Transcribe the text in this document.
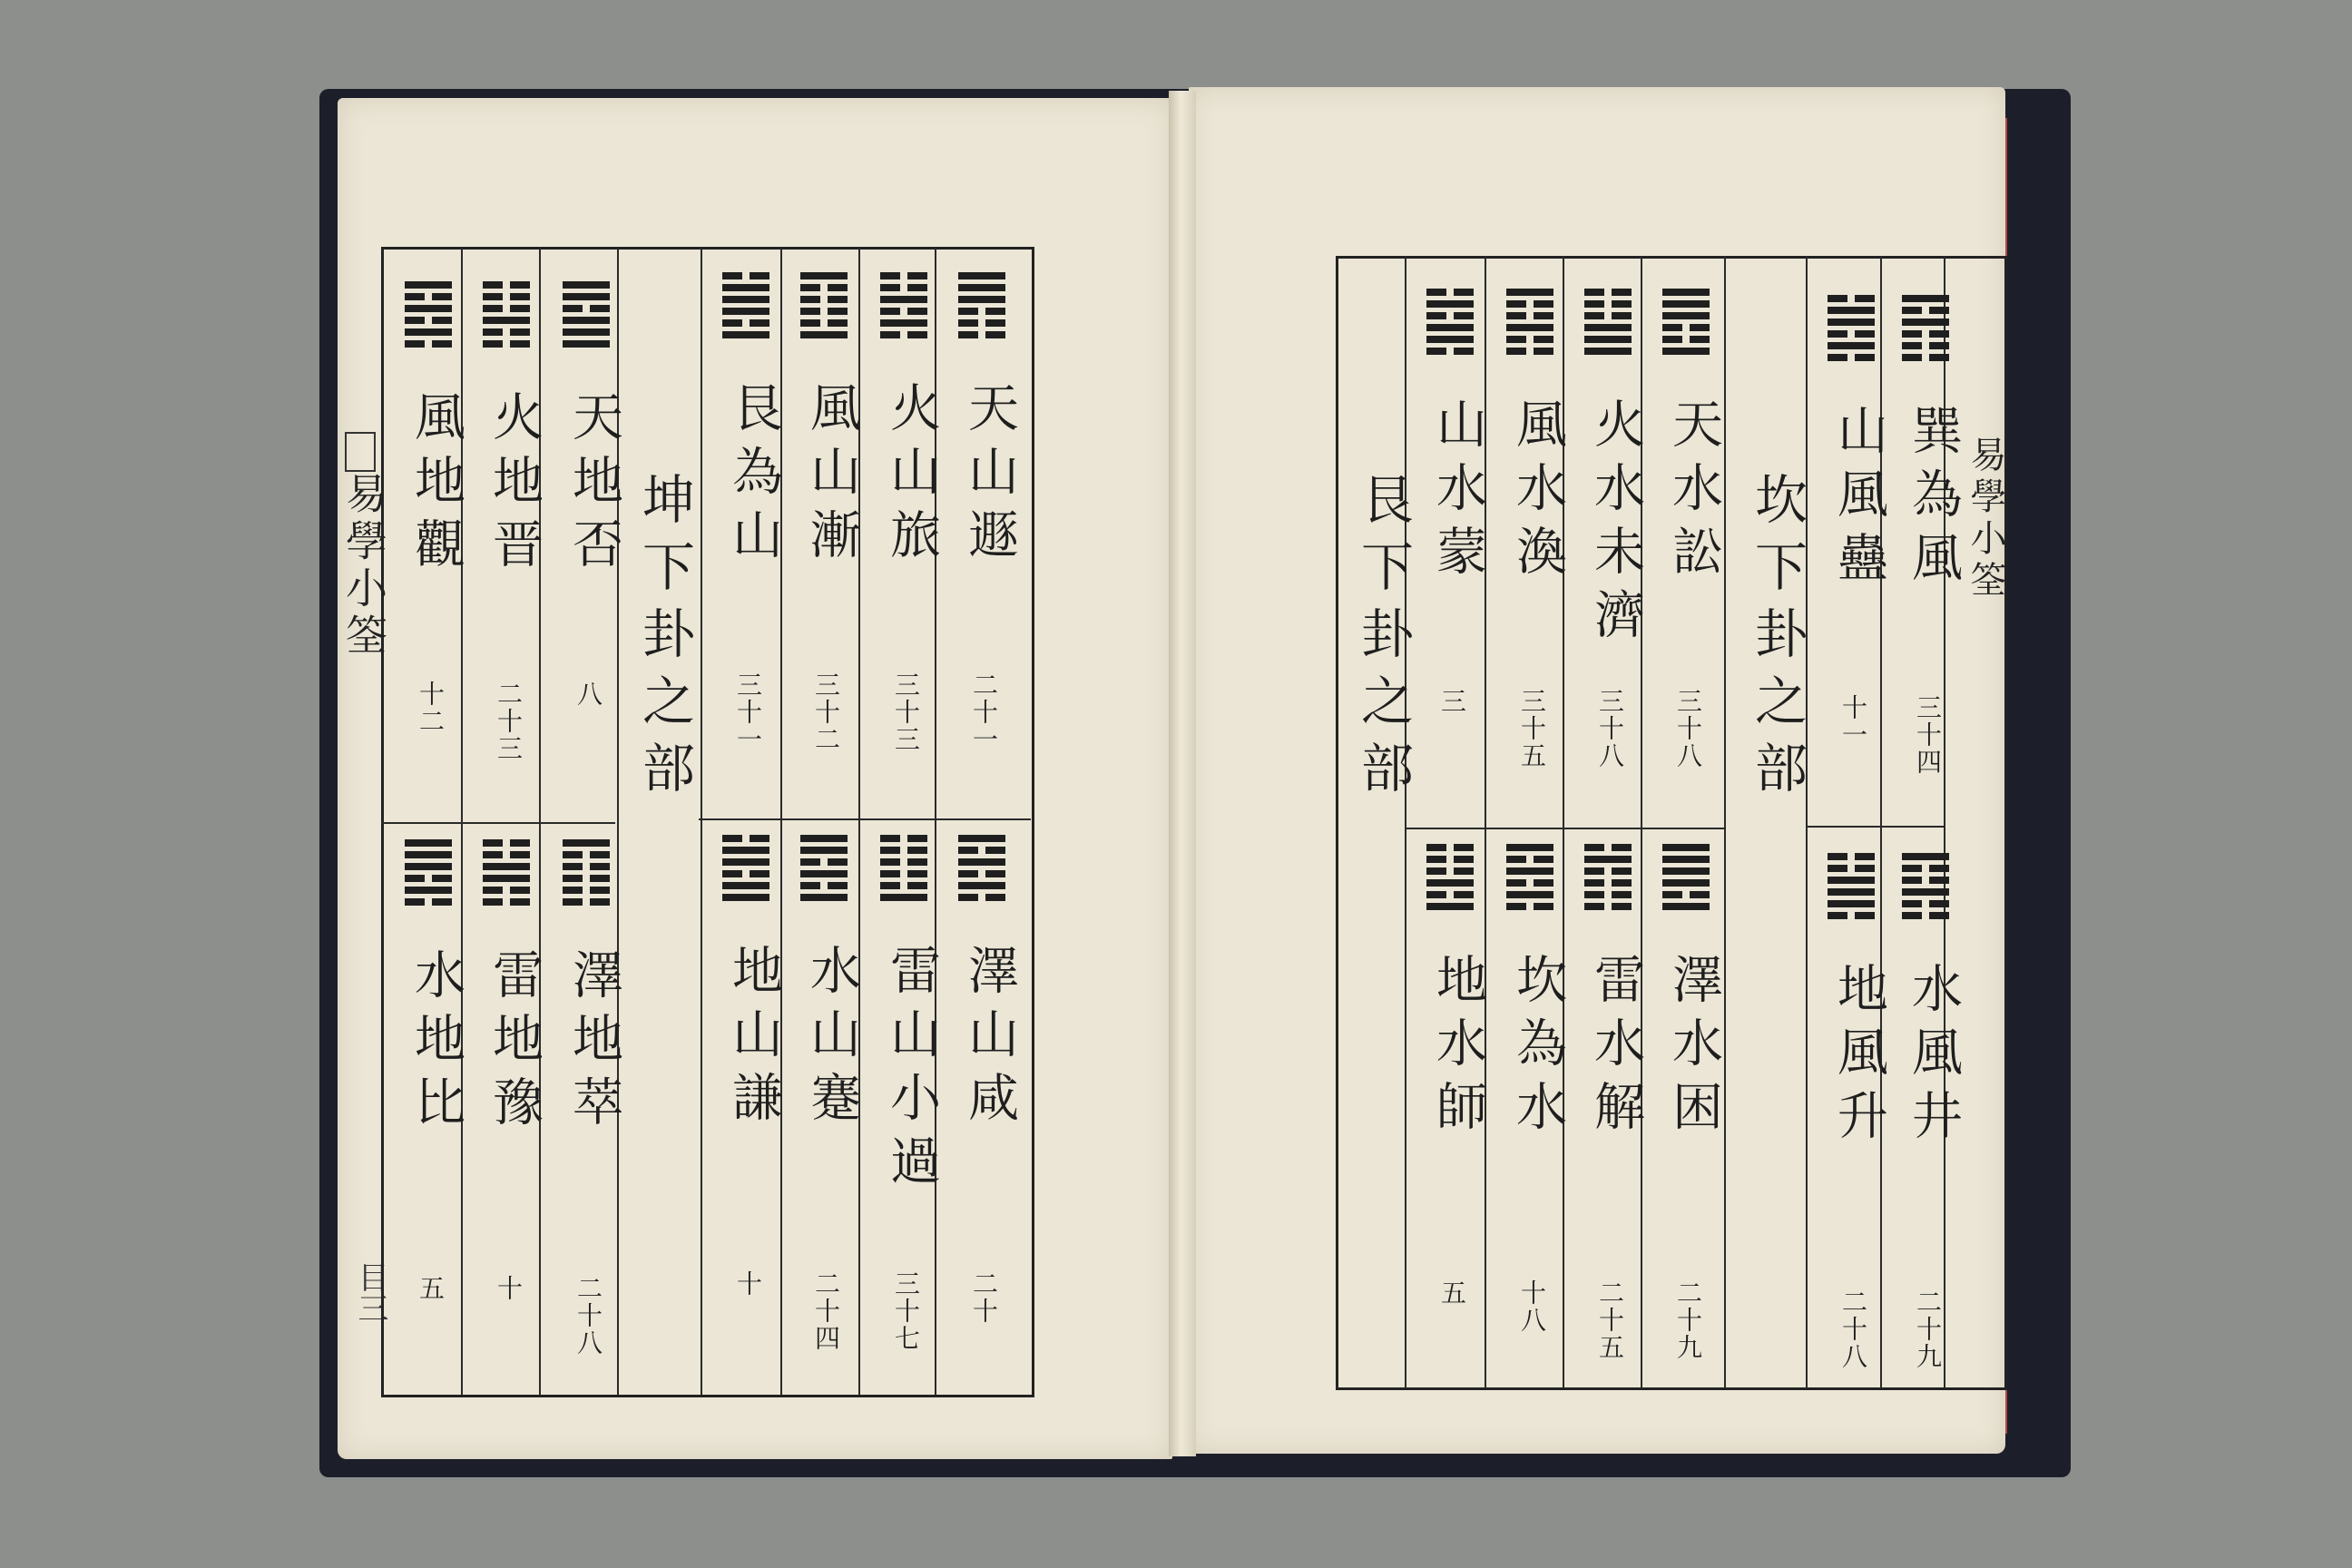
易學小筌
目三
易學小筌
坤下卦之部	天山遯
二十一
火山旅
三十三
風山漸
三十二
艮為山
三十一
天地否
八
火地晋
二十三
風地觀
十二
澤山咸
二十
雷山小過
三十七
水山蹇
二十四
地山謙
十
澤地萃
二十八
雷地豫
十
水地比
五
坎下卦之部
艮下卦之部	巽為風
三十四
山風蠱
十一
天水訟
三十八
火水未濟
三十八
風水渙
三十五
山水蒙
三
水風井
二十九
地風升
二十八
澤水困
二十九
雷水解
二十五
坎為水
十八
地水師
五
